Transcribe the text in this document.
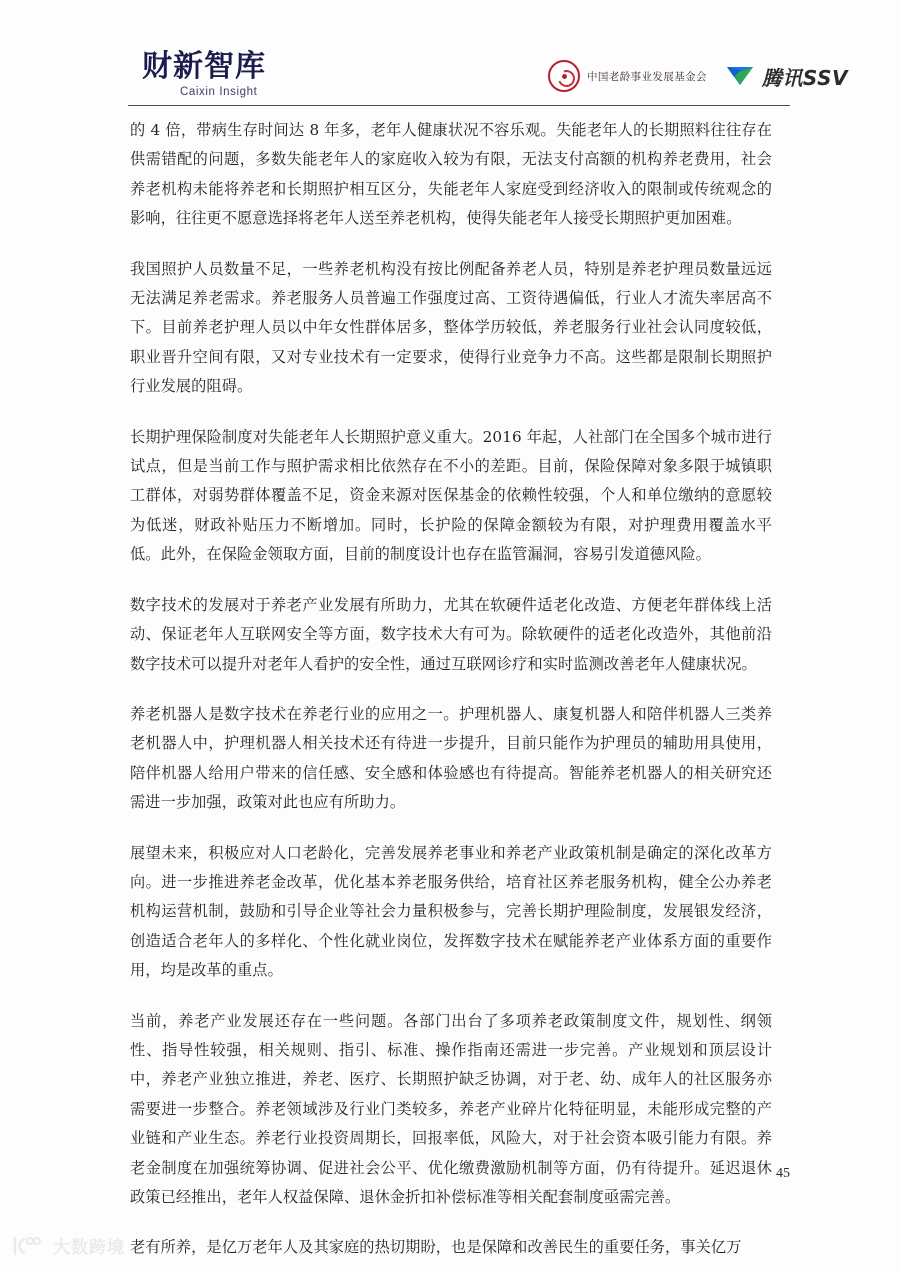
财新智库
Caixin Insight
中国老龄事业发展基金会	腾讯SSV

的 4 倍，带病生存时间达 8 年多，老年人健康状况不容乐观。失能老年人的长期照料往往存在供需错配的问题，多数失能老年人的家庭收入较为有限，无法支付高额的机构养老费用，社会养老机构未能将养老和长期照护相互区分，失能老年人家庭受到经济收入的限制或传统观念的影响，往往更不愿意选择将老年人送至养老机构，使得失能老年人接受长期照护更加困难。

我国照护人员数量不足，一些养老机构没有按比例配备养老人员，特别是养老护理员数量远远无法满足养老需求。养老服务人员普遍工作强度过高、工资待遇偏低，行业人才流失率居高不下。目前养老护理人员以中年女性群体居多，整体学历较低，养老服务行业社会认同度较低，职业晋升空间有限，又对专业技术有一定要求，使得行业竞争力不高。这些都是限制长期照护行业发展的阻碍。

长期护理保险制度对失能老年人长期照护意义重大。2016 年起，人社部门在全国多个城市进行试点，但是当前工作与照护需求相比依然存在不小的差距。目前，保险保障对象多限于城镇职工群体，对弱势群体覆盖不足，资金来源对医保基金的依赖性较强，个人和单位缴纳的意愿较为低迷，财政补贴压力不断增加。同时，长护险的保障金额较为有限，对护理费用覆盖水平低。此外，在保险金领取方面，目前的制度设计也存在监管漏洞，容易引发道德风险。

数字技术的发展对于养老产业发展有所助力，尤其在软硬件适老化改造、方便老年群体线上活动、保证老年人互联网安全等方面，数字技术大有可为。除软硬件的适老化改造外，其他前沿数字技术可以提升对老年人看护的安全性，通过互联网诊疗和实时监测改善老年人健康状况。

养老机器人是数字技术在养老行业的应用之一。护理机器人、康复机器人和陪伴机器人三类养老机器人中，护理机器人相关技术还有待进一步提升，目前只能作为护理员的辅助用具使用，陪伴机器人给用户带来的信任感、安全感和体验感也有待提高。智能养老机器人的相关研究还需进一步加强，政策对此也应有所助力。

展望未来，积极应对人口老龄化，完善发展养老事业和养老产业政策机制是确定的深化改革方向。进一步推进养老金改革，优化基本养老服务供给，培育社区养老服务机构，健全公办养老机构运营机制，鼓励和引导企业等社会力量积极参与，完善长期护理险制度，发展银发经济，创造适合老年人的多样化、个性化就业岗位，发挥数字技术在赋能养老产业体系方面的重要作用，均是改革的重点。

当前，养老产业发展还存在一些问题。各部门出台了多项养老政策制度文件，规划性、纲领性、指导性较强，相关规则、指引、标准、操作指南还需进一步完善。产业规划和顶层设计中，养老产业独立推进，养老、医疗、长期照护缺乏协调，对于老、幼、成年人的社区服务亦需要进一步整合。养老领域涉及行业门类较多，养老产业碎片化特征明显，未能形成完整的产业链和产业生态。养老行业投资周期长，回报率低，风险大，对于社会资本吸引能力有限。养老金制度在加强统筹协调、促进社会公平、优化缴费激励机制等方面，仍有待提升。延迟退休政策已经推出，老年人权益保障、退休金折扣补偿标准等相关配套制度亟需完善。

老有所养，是亿万老年人及其家庭的热切期盼，也是保障和改善民生的重要任务，事关亿万

45
大数跨境
